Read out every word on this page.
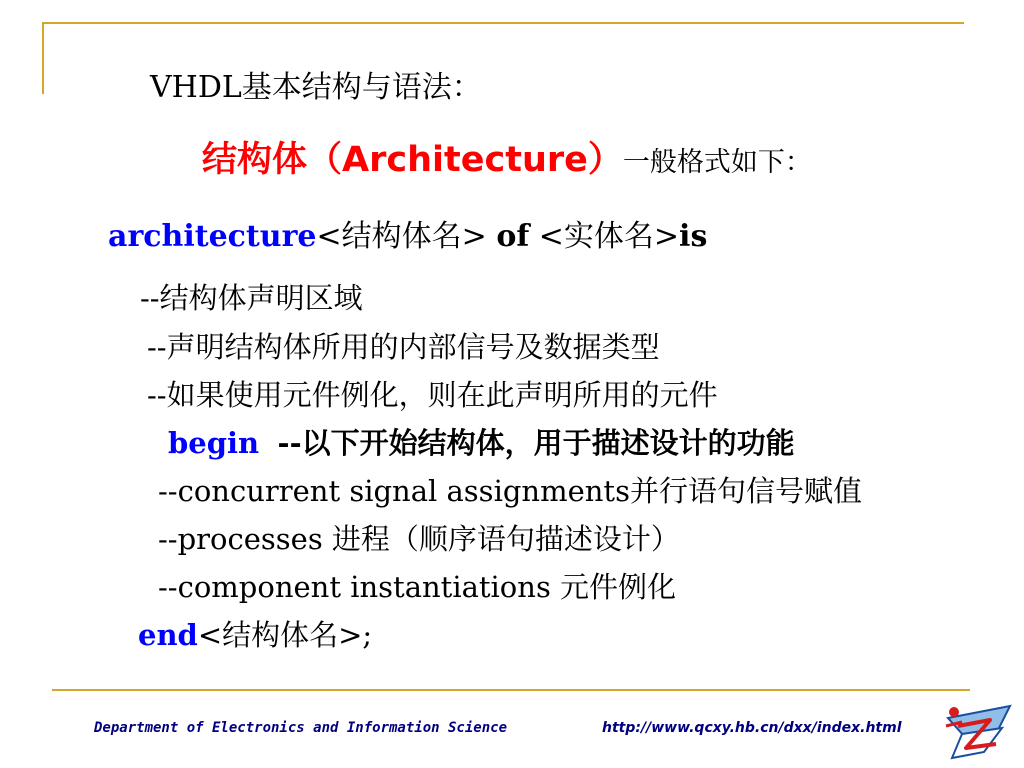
VHDL基本结构与语法：
结构体（Architecture）一般格式如下：
architecture<结构体名> of <实体名>is
--结构体声明区域
--声明结构体所用的内部信号及数据类型
--如果使用元件例化，则在此声明所用的元件
begin --以下开始结构体，用于描述设计的功能
--concurrent signal assignments并行语句信号赋值
--processes 进程（顺序语句描述设计）
--component instantiations 元件例化
end<结构体名>;
Department of Electronics and Information Science	http://www.qcxy.hb.cn/dxx/index.html
